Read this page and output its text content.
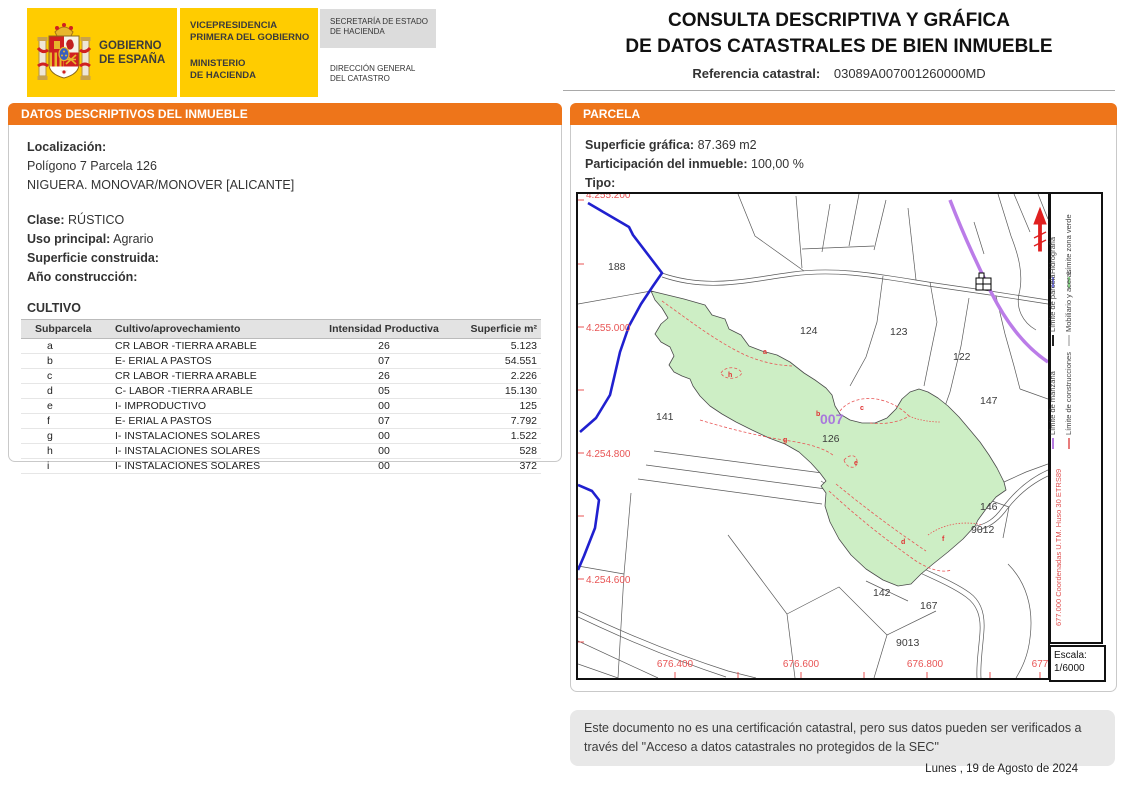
GOBIERNO
DE ESPAÑA
VICEPRESIDENCIA
PRIMERA DEL GOBIERNO
MINISTERIO
DE HACIENDA
SECRETARÍA DE ESTADO
DE HACIENDA
DIRECCIÓN GENERAL
DEL CATASTRO
CONSULTA DESCRIPTIVA Y GRÁFICA
DE DATOS CATASTRALES DE BIEN INMUEBLE
Referencia catastral: 03089A007001260000MD
DATOS DESCRIPTIVOS DEL INMUEBLE
Localización:
Polígono 7 Parcela 126
NIGUERA. MONOVAR/MONOVER [ALICANTE]
Clase: RÚSTICO
Uso principal: Agrario
Superficie construida:
Año construcción:
CULTIVO
Subparcela	Cultivo/aprovechamiento	Intensidad Productiva	Superficie m²
a	CR LABOR -TIERRA ARABLE	26	5.123
b	E- ERIAL A PASTOS	07	54.551
c	CR LABOR -TIERRA ARABLE	26	2.226
d	C- LABOR -TIERRA ARABLE	05	15.130
e	I- IMPRODUCTIVO	00	125
f	E- ERIAL A PASTOS	07	7.792
g	I- INSTALACIONES SOLARES	00	1.522
h	I- INSTALACIONES SOLARES	00	528
i	I- INSTALACIONES SOLARES	00	372
PARCELA
Superficie gráfica: 87.369 m2
Participación del inmueble: 100,00 %
Tipo:
188
124	123
122
147
141
126
146
9012
142
167
9013
007
a
h
b
c
g
e
d	f
4.255.200
4.255.000
4.254.800
4.254.600
676.400	676.600	676.800	677
Hidrografía Límite zona verde
Límite de parcela Mobiliario y aceras
Límite de manzana Límite de construcciones
677.000 Coordenadas U.TM. Huso 30 ETRS89
Escala:
1/6000
Este documento no es una certificación catastral, pero sus datos pueden ser verificados a
través del "Acceso a datos catastrales no protegidos de la SEC"
Lunes , 19 de Agosto de 2024
